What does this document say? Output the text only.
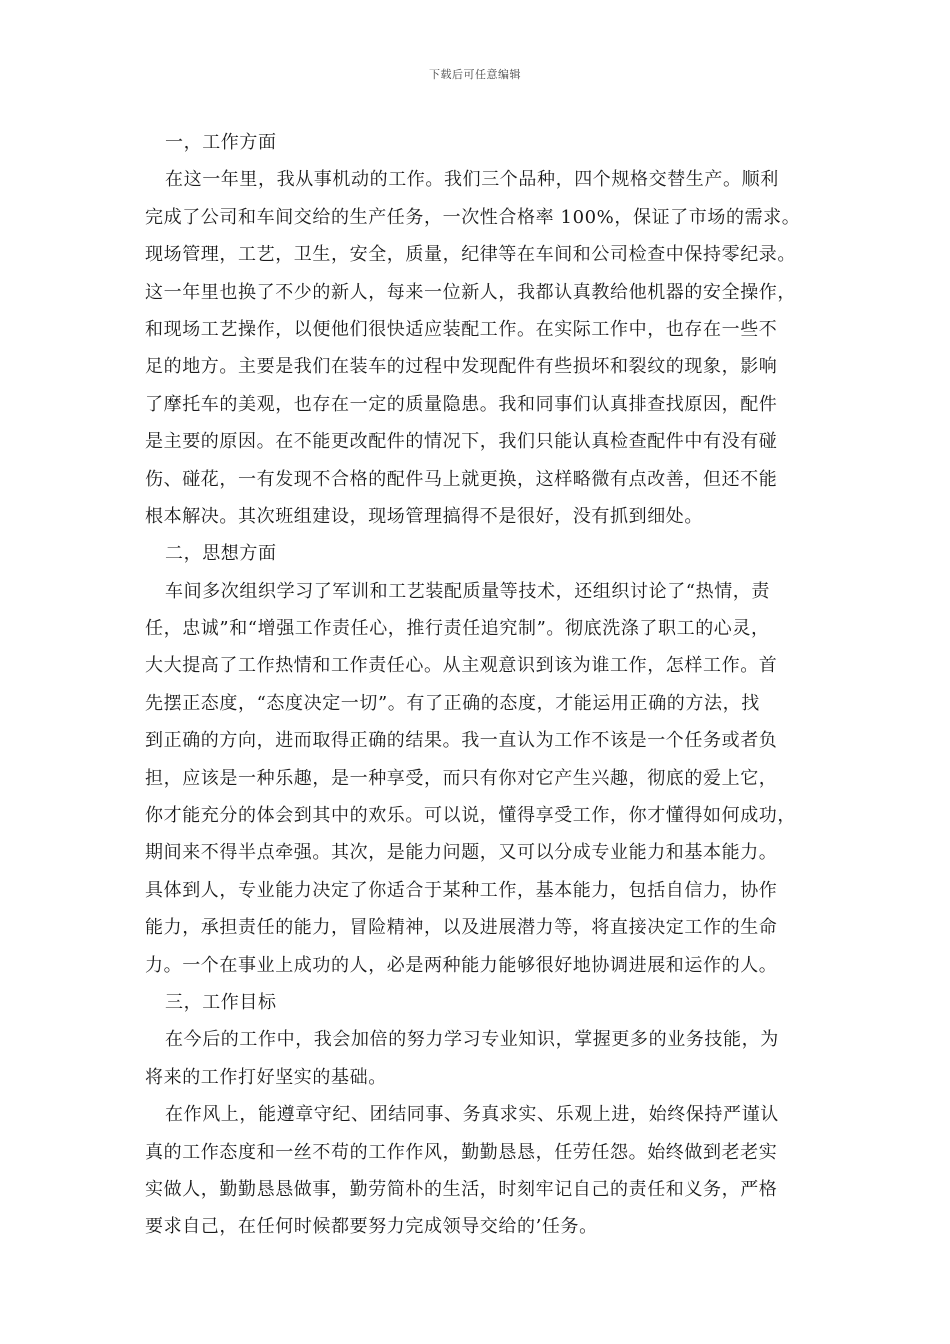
下载后可任意编辑
一，工作方面
在这一年里，我从事机动的工作。我们三个品种，四个规格交替生产。顺利
完成了公司和车间交给的生产任务，一次性合格率 100%，保证了市场的需求。
现场管理，工艺，卫生，安全，质量，纪律等在车间和公司检查中保持零纪录。
这一年里也换了不少的新人，每来一位新人，我都认真教给他机器的安全操作，
和现场工艺操作，以便他们很快适应装配工作。在实际工作中，也存在一些不
足的地方。主要是我们在装车的过程中发现配件有些损坏和裂纹的现象，影响
了摩托车的美观，也存在一定的质量隐患。我和同事们认真排查找原因，配件
是主要的原因。在不能更改配件的情况下，我们只能认真检查配件中有没有碰
伤、碰花，一有发现不合格的配件马上就更换，这样略微有点改善，但还不能
根本解决。其次班组建设，现场管理搞得不是很好，没有抓到细处。
二，思想方面
车间多次组织学习了军训和工艺装配质量等技术，还组织讨论了“热情，责
任，忠诚”和“增强工作责任心，推行责任追究制”。彻底洗涤了职工的心灵，
大大提高了工作热情和工作责任心。从主观意识到该为谁工作，怎样工作。首
先摆正态度，“态度决定一切”。有了正确的态度，才能运用正确的方法，找
到正确的方向，进而取得正确的结果。我一直认为工作不该是一个任务或者负
担，应该是一种乐趣，是一种享受，而只有你对它产生兴趣，彻底的爱上它，
你才能充分的体会到其中的欢乐。可以说，懂得享受工作，你才懂得如何成功，
期间来不得半点牵强。其次，是能力问题，又可以分成专业能力和基本能力。
具体到人，专业能力决定了你适合于某种工作，基本能力，包括自信力，协作
能力，承担责任的能力，冒险精神，以及进展潜力等，将直接决定工作的生命
力。一个在事业上成功的人，必是两种能力能够很好地协调进展和运作的人。
三，工作目标
在今后的工作中，我会加倍的努力学习专业知识，掌握更多的业务技能，为
将来的工作打好坚实的基础。
在作风上，能遵章守纪、团结同事、务真求实、乐观上进，始终保持严谨认
真的工作态度和一丝不苟的工作作风，勤勤恳恳，任劳任怨。始终做到老老实
实做人，勤勤恳恳做事，勤劳简朴的生活，时刻牢记自己的责任和义务，严格
要求自己，在任何时候都要努力完成领导交给的’任务。
